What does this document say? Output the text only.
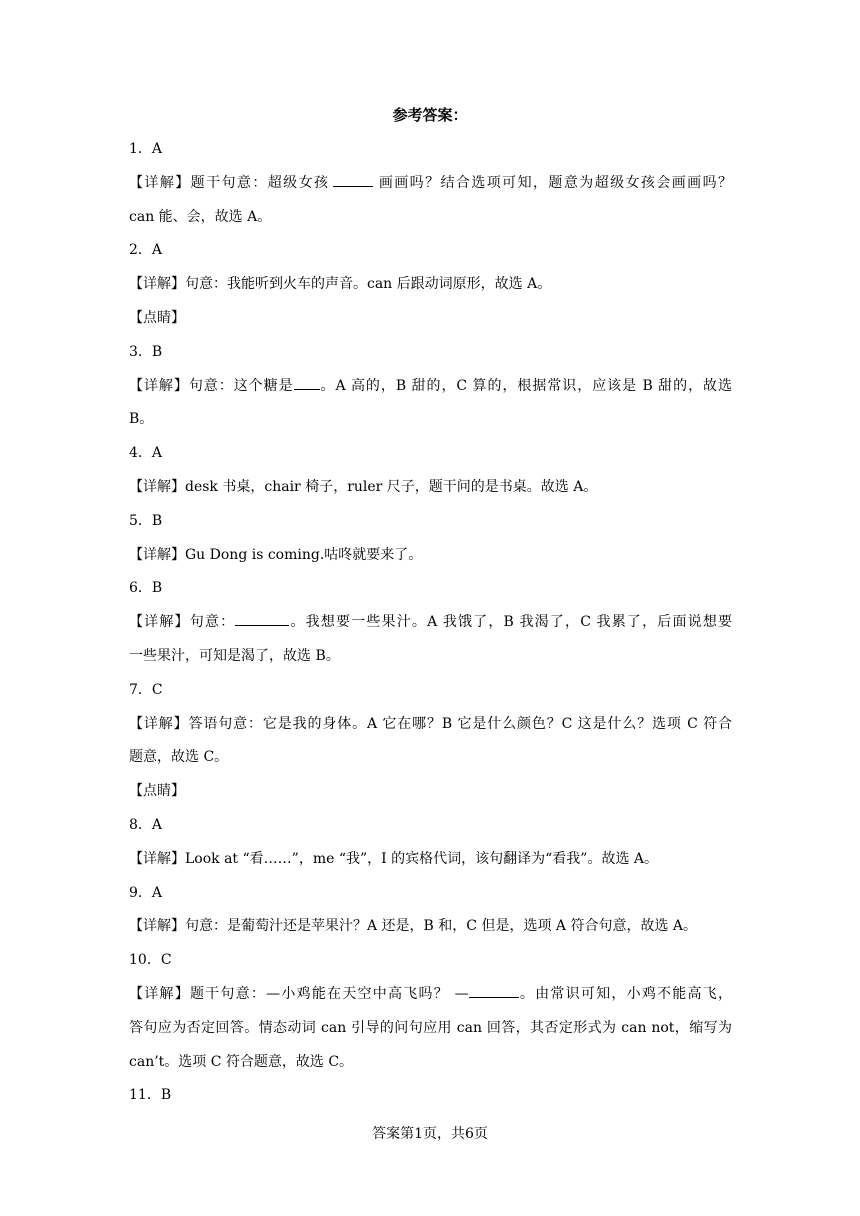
参考答案：
1．A
【详解】题干句意：超级女孩	画画吗？结合选项可知，题意为超级女孩会画画吗？
can 能、会，故选 A。
2．A
【详解】句意：我能听到火车的声音。can 后跟动词原形，故选 A。
【点睛】
3．B
【详解】句意：这个糖是 。A 高的，B 甜的，C 算的，根据常识，应该是 B 甜的，故选
B。
4．A
【详解】desk 书桌，chair 椅子，ruler 尺子，题干问的是书桌。故选 A。
5．B
【详解】Gu Dong is coming.咕咚就要来了。
6．B
【详解】句意：	。我想要一些果汁。A 我饿了，B 我渴了，C 我累了，后面说想要
一些果汁，可知是渴了，故选 B。
7．C
【详解】答语句意：它是我的身体。A 它在哪？B 它是什么颜色？C 这是什么？选项 C 符合
题意，故选 C。
【点睛】
8．A
【详解】Look at “看……”，me “我”，I 的宾格代词，该句翻译为“看我”。故选 A。
9．A
【详解】句意：是葡萄汁还是苹果汁？A 还是，B 和，C 但是，选项 A 符合句意，故选 A。
10．C
【详解】题干句意：—小鸡能在天空中高飞吗？ —	。由常识可知，小鸡不能高飞，
答句应为否定回答。情态动词 can 引导的问句应用 can 回答，其否定形式为 can not，缩写为
can’t。选项 C 符合题意，故选 C。
11．B
答案第1页，共6页
